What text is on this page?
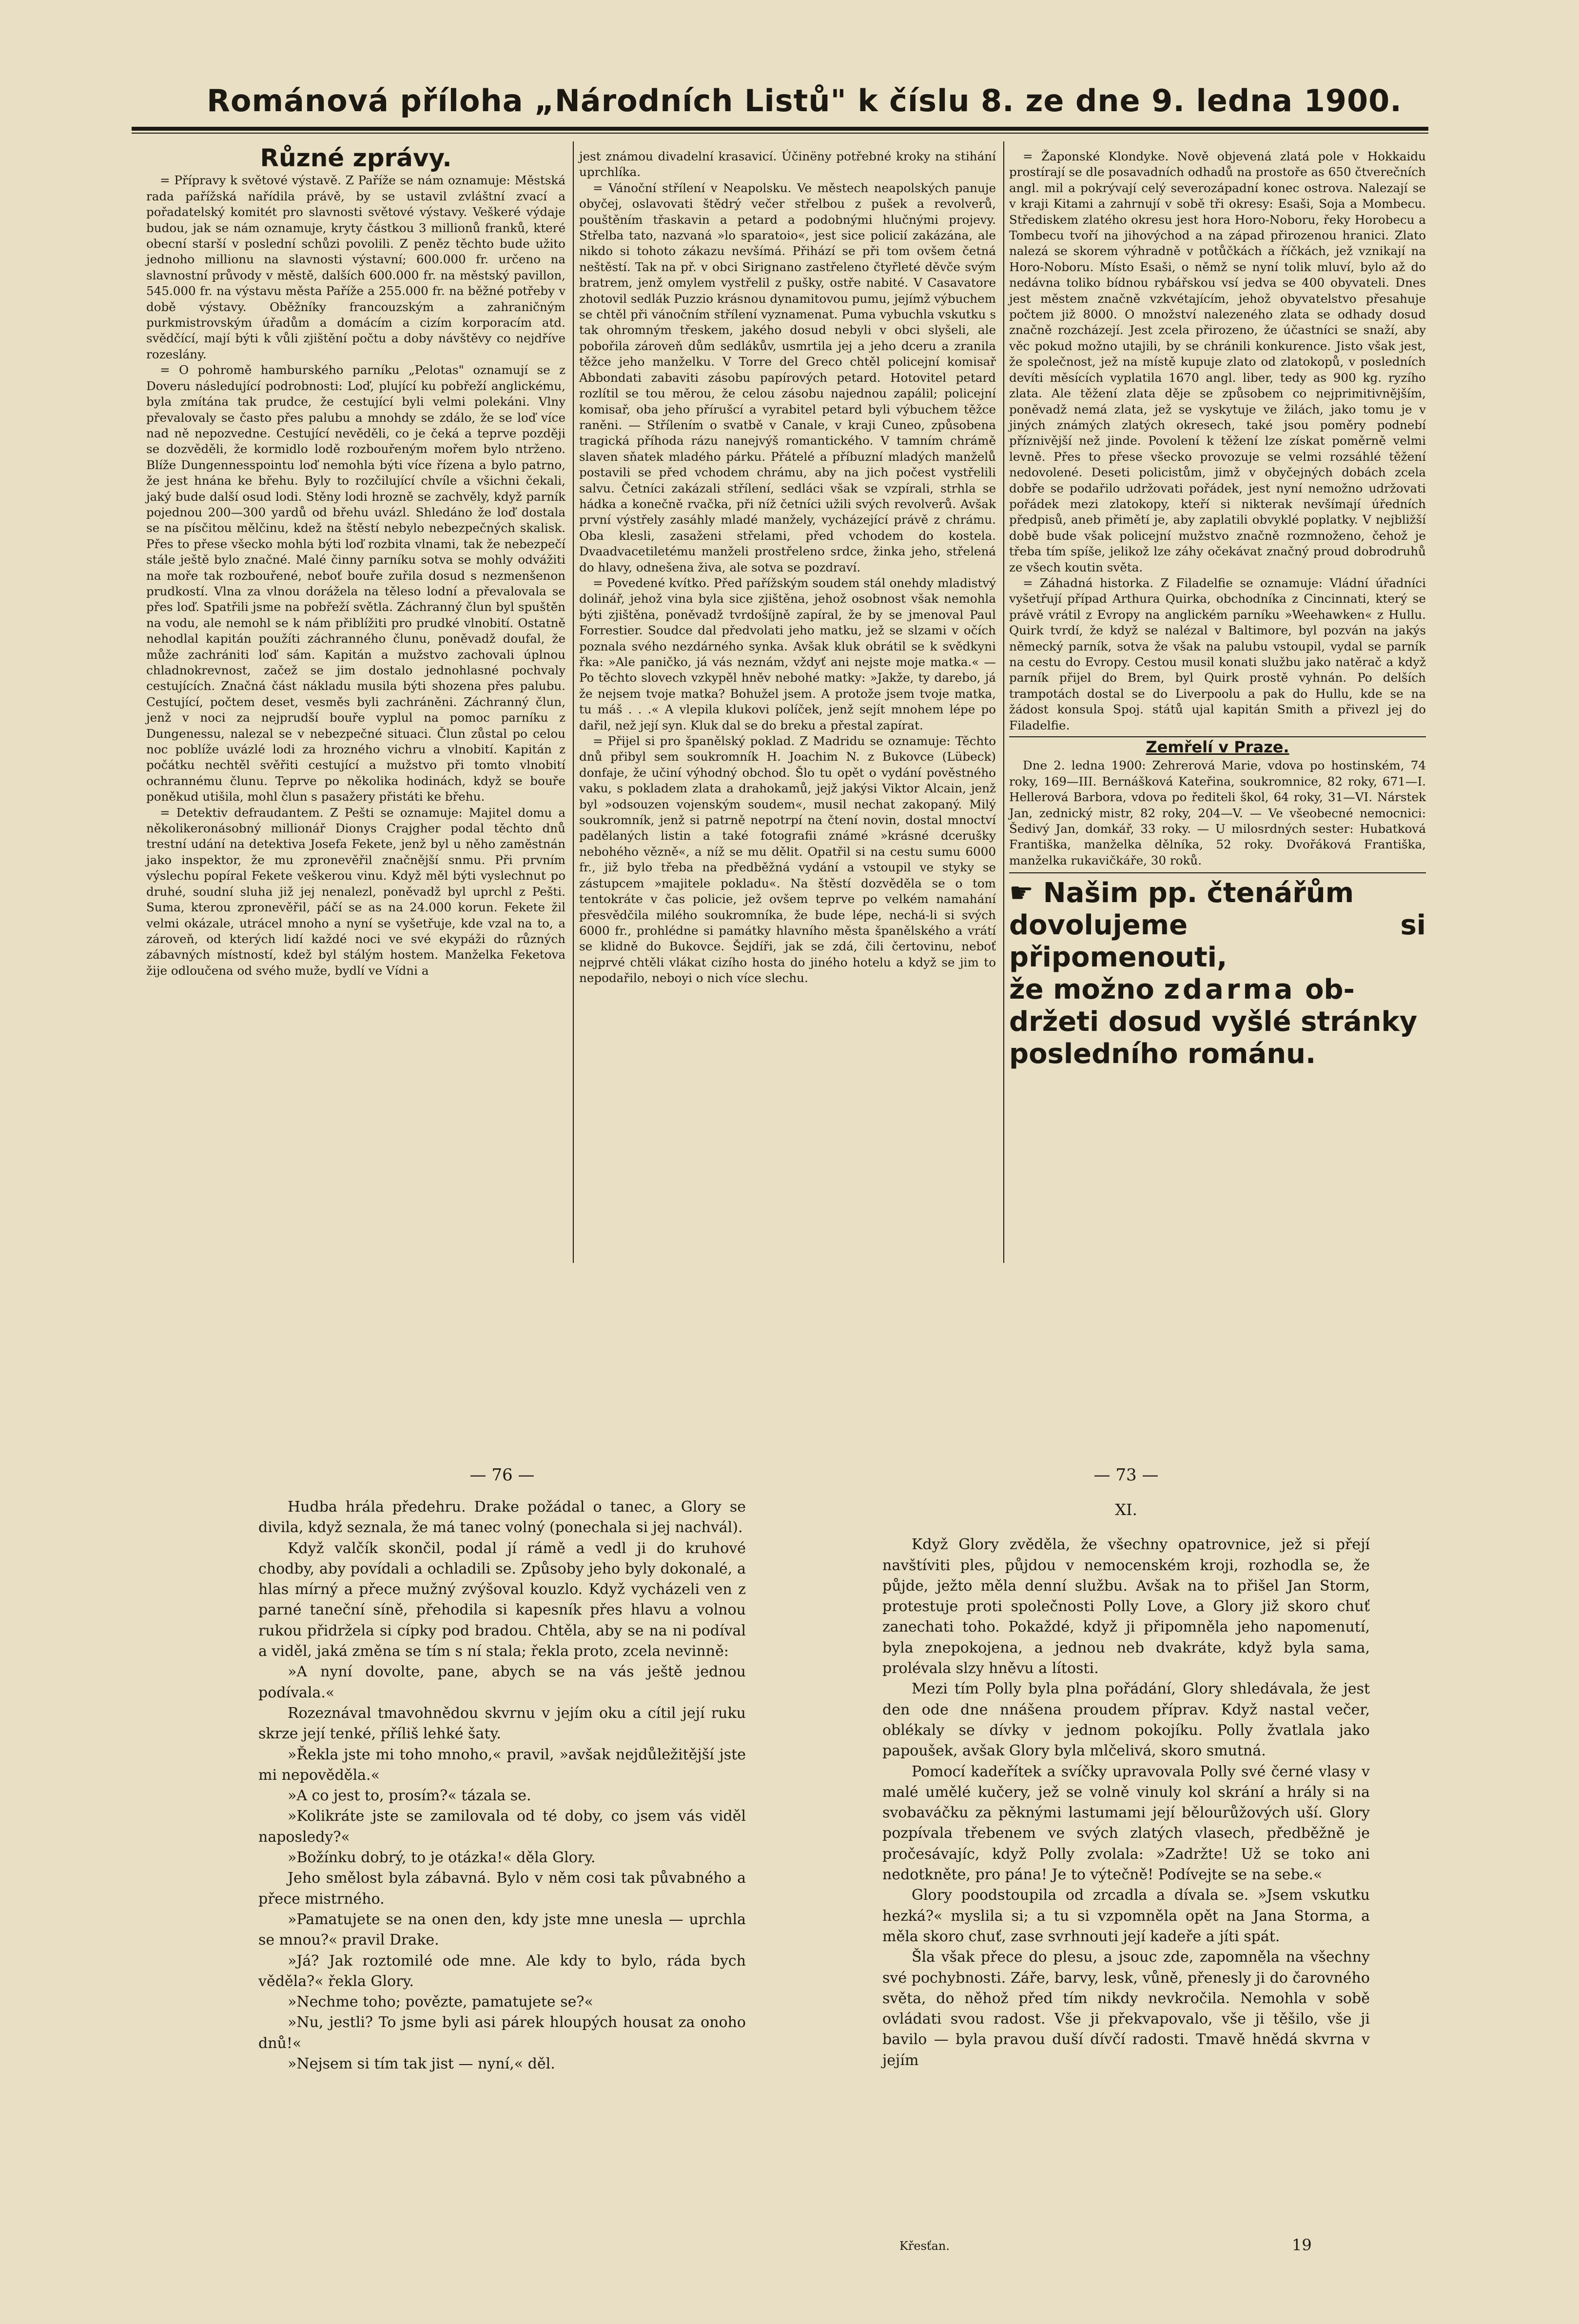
Románová příloha „Národních Listů" k číslu 8. ze dne 9. ledna 1900.
Různé zprávy.

= Přípravy k světové výstavě. Z Paříže se nám oznamuje: Městská rada pařížská nařídila právě, by se ustavil zvláštní zvací a pořadatelský komitét pro slavnosti světové výstavy. Veškeré výdaje budou, jak se nám oznamuje, kryty částkou 3 millionů franků, které obecní starší v poslední schůzi povolili. Z peněz těchto bude užito jednoho millionu na slavnosti výstavní; 600.000 fr. určeno na slavnostní průvody v městě, dalších 600.000 fr. na městský pavillon, 545.000 fr. na výstavu města Paříže a 255.000 fr. na běžné potřeby v době výstavy. Oběžníky francouzským a zahraničným purkmistrovským úřadům a domácím a cizím korporacím atd. svědčící, mají býti k vůli zjištění počtu a doby návštěvy co nejdříve rozeslány.

= O pohromě hamburského parníku „Pelotas" oznamují se z Doveru následující podrobnosti: Loď, plující ku pobřeží anglickému, byla zmítána tak prudce, že cestující byli velmi polekáni. Vlny převalovaly se často přes palubu a mnohdy se zdálo, že se loď více nad ně nepozvedne. Cestující nevěděli, co je čeká a teprve později se dozvěděli, že kormidlo lodě rozbouřeným mořem bylo ntrženo. Blíže Dungennesspointu loď nemohla býti více řízena a bylo patrno, že jest hnána ke břehu. Byly to rozčilující chvíle a všichni čekali, jaký bude další osud lodi. Stěny lodi hrozně se zachvěly, když parník pojednou 200—300 yardů od břehu uvázl. Shledáno že loď dostala se na písčitou mělčinu, kdež na štěstí nebylo nebezpečných skalisk. Přes to přese všecko mohla býti loď rozbita vlnami, tak že nebezpečí stále ještě bylo značné. Malé činny parníku sotva se mohly odvážiti na moře tak rozbouřené, neboť bouře zuřila dosud s nezmenšenon prudkostí. Vlna za vlnou dorážela na těleso lodní a převalovala se přes loď. Spatřili jsme na pobřeží světla. Záchranný člun byl spuštěn na vodu, ale nemohl se k nám přiblížiti pro prudké vlnobití. Ostatně nehodlal kapitán použíti záchranného člunu, poněvadž doufal, že může zachrániti loď sám. Kapitán a mužstvo zachovali úplnou chladnokrevnost, začež se jim dostalo jednohlasné pochvaly cestujících. Značná část nákladu musila býti shozena přes palubu. Cestující, počtem deset, vesměs byli zachráněni. Záchranný člun, jenž v noci za nejprudší bouře vyplul na pomoc parníku z Dungenessu, nalezal se v nebezpečné situaci. Člun zůstal po celou noc poblíže uvázlé lodi za hrozného vichru a vlnobití. Kapitán z počátku nechtěl svěřiti cestující a mužstvo při tomto vlnobití ochrannému člunu. Teprve po několika hodinách, když se bouře poněkud utišila, mohl člun s pasažery přistáti ke břehu.

= Detektiv defraudantem. Z Pešti se oznamuje: Majitel domu a několikeronásobný millionář Dionys Crajgher podal těchto dnů trestní udání na detektiva Josefa Fekete, jenž byl u něho zaměstnán jako inspektor, že mu zpronevěřil značnější snmu. Při prvním výslechu popíral Fekete veškerou vinu. Když měl býti vyslechnut po druhé, soudní sluha již jej nenalezl, poněvadž byl uprchl z Pešti. Suma, kterou zpronevěřil, páčí se as na 24.000 korun. Fekete žil velmi okázale, utrácel mnoho a nyní se vyšetřuje, kde vzal na to, a zároveň, od kterých lidí každé noci ve své ekypáži do různých zábavných místností, kdež byl stálým hostem. Manželka Feketova žije odloučena od svého muže, bydlí ve Vídni a

jest známou divadelní krasavicí. Účinёny potřebné kroky na stihání uprchlíka.

= Vánoční střílení v Neapolsku. Ve městech neapolských panuje obyčej, oslavovati štědrý večer střelbou z pušek a revolverů, pouštěním třaskavin a petard a podobnými hlučnými projevy. Střelba tato, nazvaná »lo sparatoio«, jest sice policií zakázána, ale nikdo si tohoto zákazu nevšímá. Přihází se při tom ovšem četná neštěstí. Tak na př. v obci Sirignano zastřeleno čtyřleté děvče svým bratrem, jenž omylem vystřelil z pušky, ostře nabité. V Casavatore zhotovil sedlák Puzzio krásnou dynamitovou pumu, jejímž výbuchem se chtěl při vánočním střílení vyznamenat. Puma vybuchla vskutku s tak ohromným třeskem, jakého dosud nebyli v obci slyšeli, ale pobořila zároveň dům sedlákův, usmrtila jej a jeho dceru a zranila těžce jeho manželku. V Torre del Greco chtěl policejní komisař Abbondati zabaviti zásobu papírových petard. Hotovitel petard rozlítil se tou měrou, že celou zásobu najednou zapálil; policejní komisař, oba jeho přírušcí a vyrabitel petard byli výbuchem těžce raněni. — Střílením o svatbě v Canale, v kraji Cuneo, způsobena tragická příhoda rázu nanejvýš romantického. V tamním chrámě slaven sňatek mladého párku. Přátelé a příbuzní mladých manželů postavili se před vchodem chrámu, aby na jich počest vystřelili salvu. Četníci zakázali střílení, sedláci však se vzpírali, strhla se hádka a konečně rvačka, při níž četníci užili svých revolverů. Avšak první výstřely zasáhly mladé manžely, vycházející právě z chrámu. Oba klesli, zasaženi střelami, před vchodem do kostela. Dvaadvacetiletému manželi prostřeleno srdce, žinka jeho, střelená do hlavy, odnešena živa, ale sotva se pozdraví.

= Povedené kvítko. Před pařížským soudem stál onehdy mladistvý dolinář, jehož vina byla sice zjištěna, jehož osobnost však nemohla býti zjištěna, poněvadž tvrdošíjně zapíral, že by se jmenoval Paul Forrestier. Soudce dal předvolati jeho matku, jež se slzami v očích poznala svého nezdárného synka. Avšak kluk obrátil se k svědkyni řka: »Ale paničko, já vás neznám, vždyť ani nejste moje matka.« — Po těchto slovech vzkypěl hněv nebohé matky: »Jakže, ty darebo, já že nejsem tvoje matka? Bohužel jsem. A protože jsem tvoje matka, tu máš . . .« A vlepila klukovi políček, jenž sejít mnohem lépe po dařil, než její syn. Kluk dal se do breku a přestal zapírat.

= Přijel si pro španělský poklad. Z Madridu se oznamuje: Těchto dnů přibyl sem soukromník H. Joachim N. z Bukovce (Lübeck) donfaje, že učiní výhodný obchod. Šlo tu opět o vydání pověstného vaku, s pokladem zlata a drahokamů, jejž jakýsi Viktor Alcain, jenž byl »odsouzen vojenským soudem«, musil nechat zakopaný. Milý soukromník, jenž si patrně nepotrpí na čtení novin, dostal mnoctví padělaných listin a také fotografii známé »krásné dcerušky nebohého vězně«, a níž se mu dělit. Opatřil si na cestu sumu 6000 fr., již bylo třeba na předběžná vydání a vstoupil ve styky se zástupcem »majitele pokladu«. Na štěstí dozvěděla se o tom tentokráte v čas policie, jež ovšem teprve po velkém namahání přesvědčila milého soukromníka, že bude lépe, nechá-li si svých 6000 fr., prohlédne si památky hlavního města španělského a vrátí se klidně do Bukovce. Šejdíři, jak se zdá, čili čertovinu, neboť nejprvé chtěli vlákat cizího hosta do jiného hotelu a když se jim to nepodařilo, neboyi o nich více slechu.

= Žaponské Klondyke. Nově objevená zlatá pole v Hokkaidu prostírají se dle posavadních odhadů na prostoře as 650 čtverečních angl. mil a pokrývají celý severozápadní konec ostrova. Nalezají se v kraji Kitami a zahrnují v sobě tři okresy: Esaši, Soja a Mombecu. Střediskem zlatého okresu jest hora Horo-Noboru, řeky Horobecu a Tombecu tvoří na jihovýchod a na západ přirozenou hranici. Zlato nalezá se skorem výhradně v potůčkách a říčkách, jež vznikají na Horo-Noboru. Místo Esaši, o němž se nyní tolik mluví, bylo až do nedávna toliko bídnou rybářskou vsí jedva se 400 obyvateli. Dnes jest městem značně vzkvétajícím, jehož obyvatelstvo přesahuje počtem již 8000. O množství nalezeného zlata se odhady dosud značně rozcházejí. Jest zcela přirozeno, že účastníci se snaží, aby věc pokud možno utajili, by se chránili konkurence. Jisto však jest, že společnost, jež na místě kupuje zlato od zlatokopů, v posledních devíti měsících vyplatila 1670 angl. liber, tedy as 900 kg. ryzího zlata. Ale těžení zlata děje se způsobem co nejprimitivnějším, poněvadž nemá zlata, jež se vyskytuje ve žilách, jako tomu je v jiných známých zlatých okresech, také jsou poměry podnebí příznivější než jinde. Povolení k těžení lze získat poměrně velmi levně. Přes to přese všecko provozuje se velmi rozsáhlé těžení nedovolené. Deseti policistům, jimž v obyčejných dobách zcela dobře se podařilo udržovati pořádek, jest nyní nemožno udržovati pořádek mezi zlatokopy, kteří si nikterak nevšímají úředních předpisů, aneb přimětí je, aby zaplatili obvyklé poplatky. V nejbližší době bude však policejní mužstvo značně rozmnoženo, čehož je třeba tím spíše, jelikož lze záhy očekávat značný proud dobrodruhů ze všech koutin světa.

= Záhadná historka. Z Filadelfie se oznamuje: Vládní úřadníci vyšetřují případ Arthura Quirka, obchodníka z Cincinnati, který se právě vrátil z Evropy na anglickém parníku »Weehawken« z Hullu. Quirk tvrdí, že když se nalézal v Baltimore, byl pozván na jakýs německý parník, sotva že však na palubu vstoupil, vydal se parník na cestu do Evropy. Cestou musil konati službu jako natěrač a když parník přijel do Brem, byl Quirk prostě vyhnán. Po delších trampotách dostal se do Liverpoolu a pak do Hullu, kde se na žádost konsula Spoj. států ujal kapitán Smith a přivezl jej do Filadelfie.

Zemřelí v Praze.

Dne 2. ledna 1900: Zehrerová Marie, vdova po hostinském, 74 roky, 169—III. Bernášková Kateřina, soukromnice, 82 roky, 671—I. Hellerová Barbora, vdova po řediteli škol, 64 roky, 31—VI. Nárstek Jan, zednický mistr, 82 roky, 204—V. — Ve všeobecné nemocnici: Šedivý Jan, domkář, 33 roky. — U milosrdných sester: Hubatková Františka, manželka dělníka, 52 roky. Dvořáková Františka, manželka rukavičkáře, 30 roků.

☛ Našim pp. čtenářům
dovolujeme si připomenouti,
že možno zdarma ob-
držeti dosud vyšlé stránky
posledního románu.
— 76 —

Hudba hrála předehru. Drake požádal o tanec, a Glory se divila, když seznala, že má tanec volný (ponechala si jej nachvál).

Když valčík skončil, podal jí rámě a vedl ji do kruhové chodby, aby povídali a ochladili se. Způsoby jeho byly dokonalé, a hlas mírný a přece mužný zvýšoval kouzlo. Když vycházeli ven z parné taneční síně, přehodila si kapesník přes hlavu a volnou rukou přidržela si cípky pod bradou. Chtěla, aby se na ni podíval a viděl, jaká změna se tím s ní stala; řekla proto, zcela nevinně:

»A nyní dovolte, pane, abych se na vás ještě jednou podívala.«

Rozeznával tmavohnědou skvrnu v jejím oku a cítil její ruku skrze její tenké, příliš lehké šaty.

»Řekla jste mi toho mnoho,« pravil, »avšak nejdůležitější jste mi nepověděla.«

»A co jest to, prosím?« tázala se.

»Kolikráte jste se zamilovala od té doby, co jsem vás viděl naposledy?«

»Božínku dobrý, to je otázka!« děla Glory.

Jeho smělost byla zábavná. Bylo v něm cosi tak půvabného a přece mistrného.

»Pamatujete se na onen den, kdy jste mne unesla — uprchla se mnou?« pravil Drake.

»Já? Jak roztomilé ode mne. Ale kdy to bylo, ráda bych věděla?« řekla Glory.

»Nechme toho; povězte, pamatujete se?«

»Nu, jestli? To jsme byli asi párek hloupých housat za onoho dnů!«

»Nejsem si tím tak jist — nyní,« děl.

— 73 —
XI.

Když Glory zvěděla, že všechny opatrovnice, jež si přejí navštíviti ples, půjdou v nemocenském kroji, rozhodla se, že půjde, ježto měla denní službu. Avšak na to přišel Jan Storm, protestuje proti společnosti Polly Love, a Glory již skoro chuť zanechati toho. Pokaždé, když ji připomněla jeho napomenutí, byla znepokojena, a jednou neb dvakráte, když byla sama, prolévala slzy hněvu a lítosti.

Mezi tím Polly byla plna pořádání, Glory shledávala, že jest den ode dne nnášena proudem příprav. Když nastal večer, oblékaly se dívky v jednom pokojíku. Polly žvatlala jako papoušek, avšak Glory byla mlčelivá, skoro smutná.

Pomocí kadeřítek a svíčky upravovala Polly své černé vlasy v malé umělé kučery, jež se volně vinuly kol skrání a hrály si na svobaváčku za pěknými lastumami její bělourůžových uší. Glory pozpívala třebenem ve svých zlatých vlasech, předběžně je pročesávajíc, když Polly zvolala: »Zadržte! Už se toko ani nedotkněte, pro pána! Je to výtečně! Podívejte se na sebe.«

Glory poodstoupila od zrcadla a dívala se. »Jsem vskutku hezká?« myslila si; a tu si vzpomněla opět na Jana Storma, a měla skoro chuť, zase svrhnouti její kadeře a jíti spát.

Šla však přece do plesu, a jsouc zde, zapomněla na všechny své pochybnosti. Záře, barvy, lesk, vůně, přenesly ji do čarovného světa, do něhož před tím nikdy nevkročila. Nemohla v sobě ovládati svou radost. Vše ji překvapovalo, vše ji těšilo, vše ji bavilo — byla pravou duší dívčí radosti. Tmavě hnědá skvrna v jejím

Křesťan.	19
